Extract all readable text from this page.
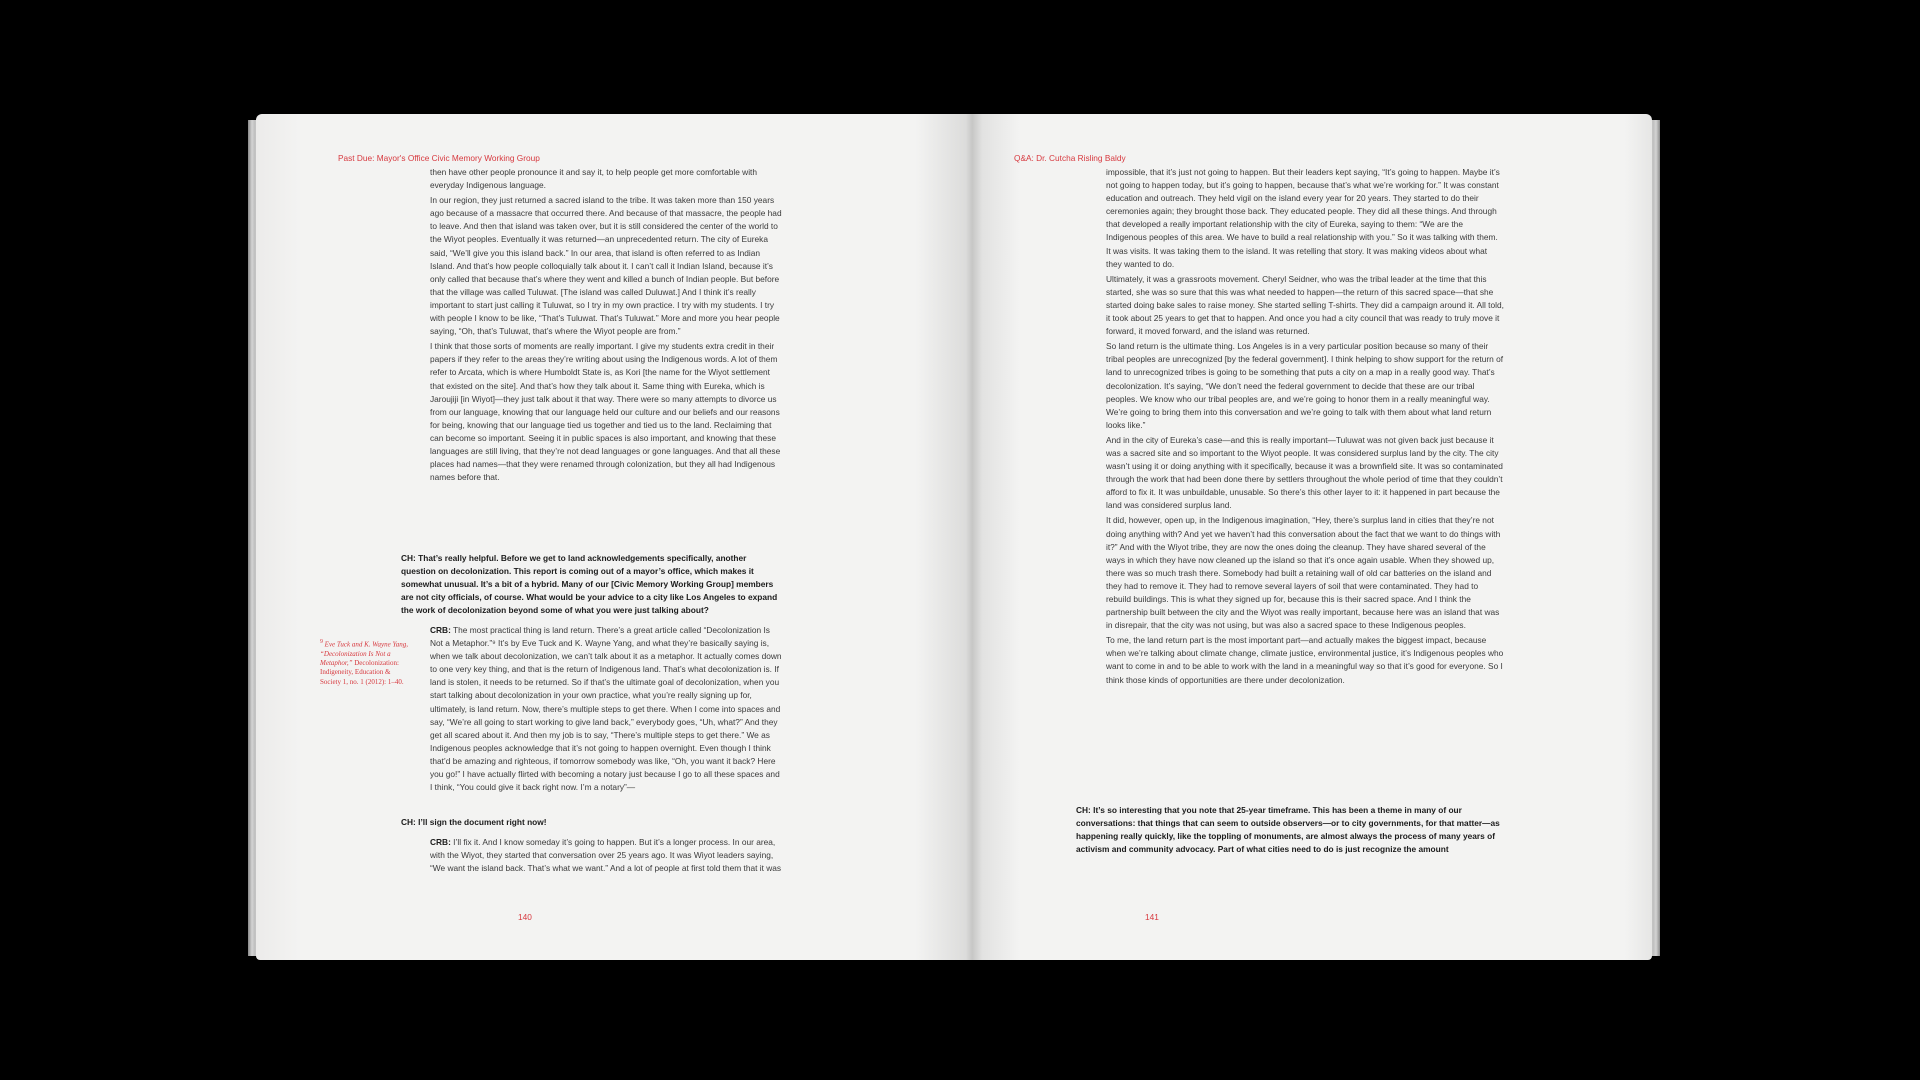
Past Due: Mayor's Office Civic Memory Working Group

then have other people pronounce it and say it, to help people get more comfortable with everyday Indigenous language.

In our region, they just returned a sacred island to the tribe. It was taken more than 150 years ago because of a massacre that occurred there. And because of that massacre, the people had to leave. And then that island was taken over, but it is still considered the center of the world to the Wiyot peoples. Eventually it was returned—an unprecedented return. The city of Eureka said, “We’ll give you this island back.” In our area, that island is often referred to as Indian Island. And that’s how people colloquially talk about it. I can’t call it Indian Island, because it’s only called that because that’s where they went and killed a bunch of Indian people. But before that the village was called Tuluwat. [The island was called Duluwat.] And I think it’s really important to start just calling it Tuluwat, so I try in my own practice. I try with my students. I try with people I know to be like, “That’s Tuluwat. That’s Tuluwat.” More and more you hear people saying, “Oh, that’s Tuluwat, that’s where the Wiyot people are from.”

I think that those sorts of moments are really important. I give my students extra credit in their papers if they refer to the areas they’re writing about using the Indigenous words. A lot of them refer to Arcata, which is where Humboldt State is, as Kori [the name for the Wiyot settlement that existed on the site]. And that’s how they talk about it. Same thing with Eureka, which is Jaroujiji [in Wiyot]—they just talk about it that way. There were so many attempts to divorce us from our language, knowing that our language held our culture and our beliefs and our reasons for being, knowing that our language tied us together and tied us to the land. Reclaiming that can become so important. Seeing it in public spaces is also important, and knowing that these languages are still living, that they’re not dead languages or gone languages. And that all these places had names—that they were renamed through colonization, but they all had Indigenous names before that.

CH: That’s really helpful. Before we get to land acknowledgements specifically, another question on decolonization. This report is coming out of a mayor’s office, which makes it somewhat unusual. It’s a bit of a hybrid. Many of our [Civic Memory Working Group] members are not city officials, of course. What would be your advice to a city like Los Angeles to expand the work of decolonization beyond some of what you were just talking about?
$^9$ Eve Tuck and K. Wayne Yang, “Decolonization Is Not a Metaphor,” Decolonization: Indigeneity, Education & Society 1, no. 1 (2012): 1–40.
CRB: The most practical thing is land return. There’s a great article called “Decolonization Is Not a Metaphor.”⁹ It’s by Eve Tuck and K. Wayne Yang, and what they’re basically saying is, when we talk about decolonization, we can’t talk about it as a metaphor. It actually comes down to one very key thing, and that is the return of Indigenous land. That’s what decolonization is. If land is stolen, it needs to be returned. So if that’s the ultimate goal of decolonization, when you start talking about decolonization in your own practice, what you’re really signing up for, ultimately, is land return. Now, there’s multiple steps to get there. When I come into spaces and say, “We’re all going to start working to give land back,” everybody goes, “Uh, what?” And they get all scared about it. And then my job is to say, “There’s multiple steps to get there.” We as Indigenous peoples acknowledge that it’s not going to happen overnight. Even though I think that’d be amazing and righteous, if tomorrow somebody was like, “Oh, you want it back? Here you go!” I have actually flirted with becoming a notary just because I go to all these spaces and I think, “You could give it back right now. I’m a notary”—
CH: I’ll sign the document right now!
CRB: I’ll fix it. And I know someday it’s going to happen. But it’s a longer process. In our area, with the Wiyot, they started that conversation over 25 years ago. It was Wiyot leaders saying, “We want the island back. That’s what we want.” And a lot of people at first told them that it was
140
Q&A: Dr. Cutcha Risling Baldy

impossible, that it’s just not going to happen. But their leaders kept saying, “It’s going to happen. Maybe it’s not going to happen today, but it’s going to happen, because that’s what we’re working for.” It was constant education and outreach. They held vigil on the island every year for 20 years. They started to do their ceremonies again; they brought those back. They educated people. They did all these things. And through that developed a really important relationship with the city of Eureka, saying to them: “We are the Indigenous peoples of this area. We have to build a real relationship with you.” So it was talking with them. It was visits. It was taking them to the island. It was retelling that story. It was making videos about what they wanted to do.

Ultimately, it was a grassroots movement. Cheryl Seidner, who was the tribal leader at the time that this started, she was so sure that this was what needed to happen—the return of this sacred space—that she started doing bake sales to raise money. She started selling T-shirts. They did a campaign around it. All told, it took about 25 years to get that to happen. And once you had a city council that was ready to truly move it forward, it moved forward, and the island was returned.

So land return is the ultimate thing. Los Angeles is in a very particular position because so many of their tribal peoples are unrecognized [by the federal government]. I think helping to show support for the return of land to unrecognized tribes is going to be something that puts a city on a map in a really good way. That’s decolonization. It’s saying, “We don’t need the federal government to decide that these are our tribal peoples. We know who our tribal peoples are, and we’re going to honor them in a really meaningful way. We’re going to bring them into this conversation and we’re going to talk with them about what land return looks like.”

And in the city of Eureka’s case—and this is really important—Tuluwat was not given back just because it was a sacred site and so important to the Wiyot people. It was considered surplus land by the city. The city wasn’t using it or doing anything with it specifically, because it was a brownfield site. It was so contaminated through the work that had been done there by settlers throughout the whole period of time that they couldn’t afford to fix it. It was unbuildable, unusable. So there’s this other layer to it: it happened in part because the land was considered surplus land.

It did, however, open up, in the Indigenous imagination, “Hey, there’s surplus land in cities that they’re not doing anything with? And yet we haven’t had this conversation about the fact that we want to do things with it?” And with the Wiyot tribe, they are now the ones doing the cleanup. They have shared several of the ways in which they have now cleaned up the island so that it’s once again usable. When they showed up, there was so much trash there. Somebody had built a retaining wall of old car batteries on the island and they had to remove it. They had to remove several layers of soil that were contaminated. They had to rebuild buildings. This is what they signed up for, because this is their sacred space. And I think the partnership built between the city and the Wiyot was really important, because here was an island that was in disrepair, that the city was not using, but was also a sacred space to these Indigenous peoples.

To me, the land return part is the most important part—and actually makes the biggest impact, because when we’re talking about climate change, climate justice, environmental justice, it’s Indigenous peoples who want to come in and to be able to work with the land in a meaningful way so that it’s good for everyone. So I think those kinds of opportunities are there under decolonization.

CH: It’s so interesting that you note that 25-year timeframe. This has been a theme in many of our conversations: that things that can seem to outside observers—or to city governments, for that matter—as happening really quickly, like the toppling of monuments, are almost always the process of many years of activism and community advocacy. Part of what cities need to do is just recognize the amount
141
